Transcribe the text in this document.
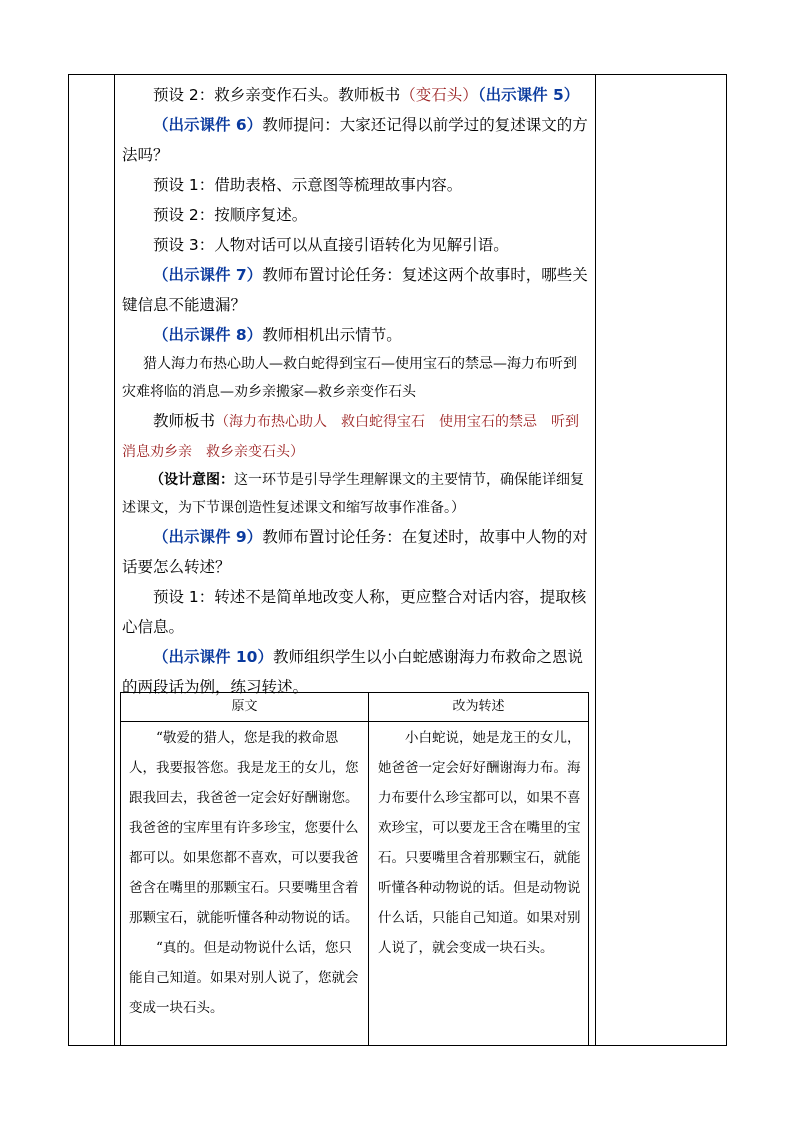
预设 2：救乡亲变作石头。教师板书（变石头）（出示课件 5）

（出示课件 6）教师提问：大家还记得以前学过的复述课文的方法吗？

预设 1：借助表格、示意图等梳理故事内容。

预设 2：按顺序复述。

预设 3：人物对话可以从直接引语转化为见解引语。

（出示课件 7）教师布置讨论任务：复述这两个故事时，哪些关键信息不能遗漏？

（出示课件 8）教师相机出示情节。

猎人海力布热心助人—救白蛇得到宝石—使用宝石的禁忌—海力布听到灾难将临的消息—劝乡亲搬家—救乡亲变作石头

教师板书（海力布热心助人　救白蛇得宝石　使用宝石的禁忌　听到消息劝乡亲　救乡亲变石头）

（设计意图：这一环节是引导学生理解课文的主要情节，确保能详细复述课文，为下节课创造性复述课文和缩写故事作准备。）

（出示课件 9）教师布置讨论任务：在复述时，故事中人物的对话要怎么转述？

预设 1：转述不是简单地改变人称，更应整合对话内容，提取核心信息。

（出示课件 10）教师组织学生以小白蛇感谢海力布救命之恩说的两段话为例，练习转述。

原文	改为转述

“敬爱的猎人，您是我的救命恩人，我要报答您。我是龙王的女儿，您跟我回去，我爸爸一定会好好酬谢您。我爸爸的宝库里有许多珍宝，您要什么都可以。如果您都不喜欢，可以要我爸爸含在嘴里的那颗宝石。只要嘴里含着那颗宝石，就能听懂各种动物说的话。

“真的。但是动物说什么话，您只能自己知道。如果对别人说了，您就会变成一块石头。

小白蛇说，她是龙王的女儿，她爸爸一定会好好酬谢海力布。海力布要什么珍宝都可以，如果不喜欢珍宝，可以要龙王含在嘴里的宝石。只要嘴里含着那颗宝石，就能听懂各种动物说的话。但是动物说什么话，只能自己知道。如果对别人说了，就会变成一块石头。
